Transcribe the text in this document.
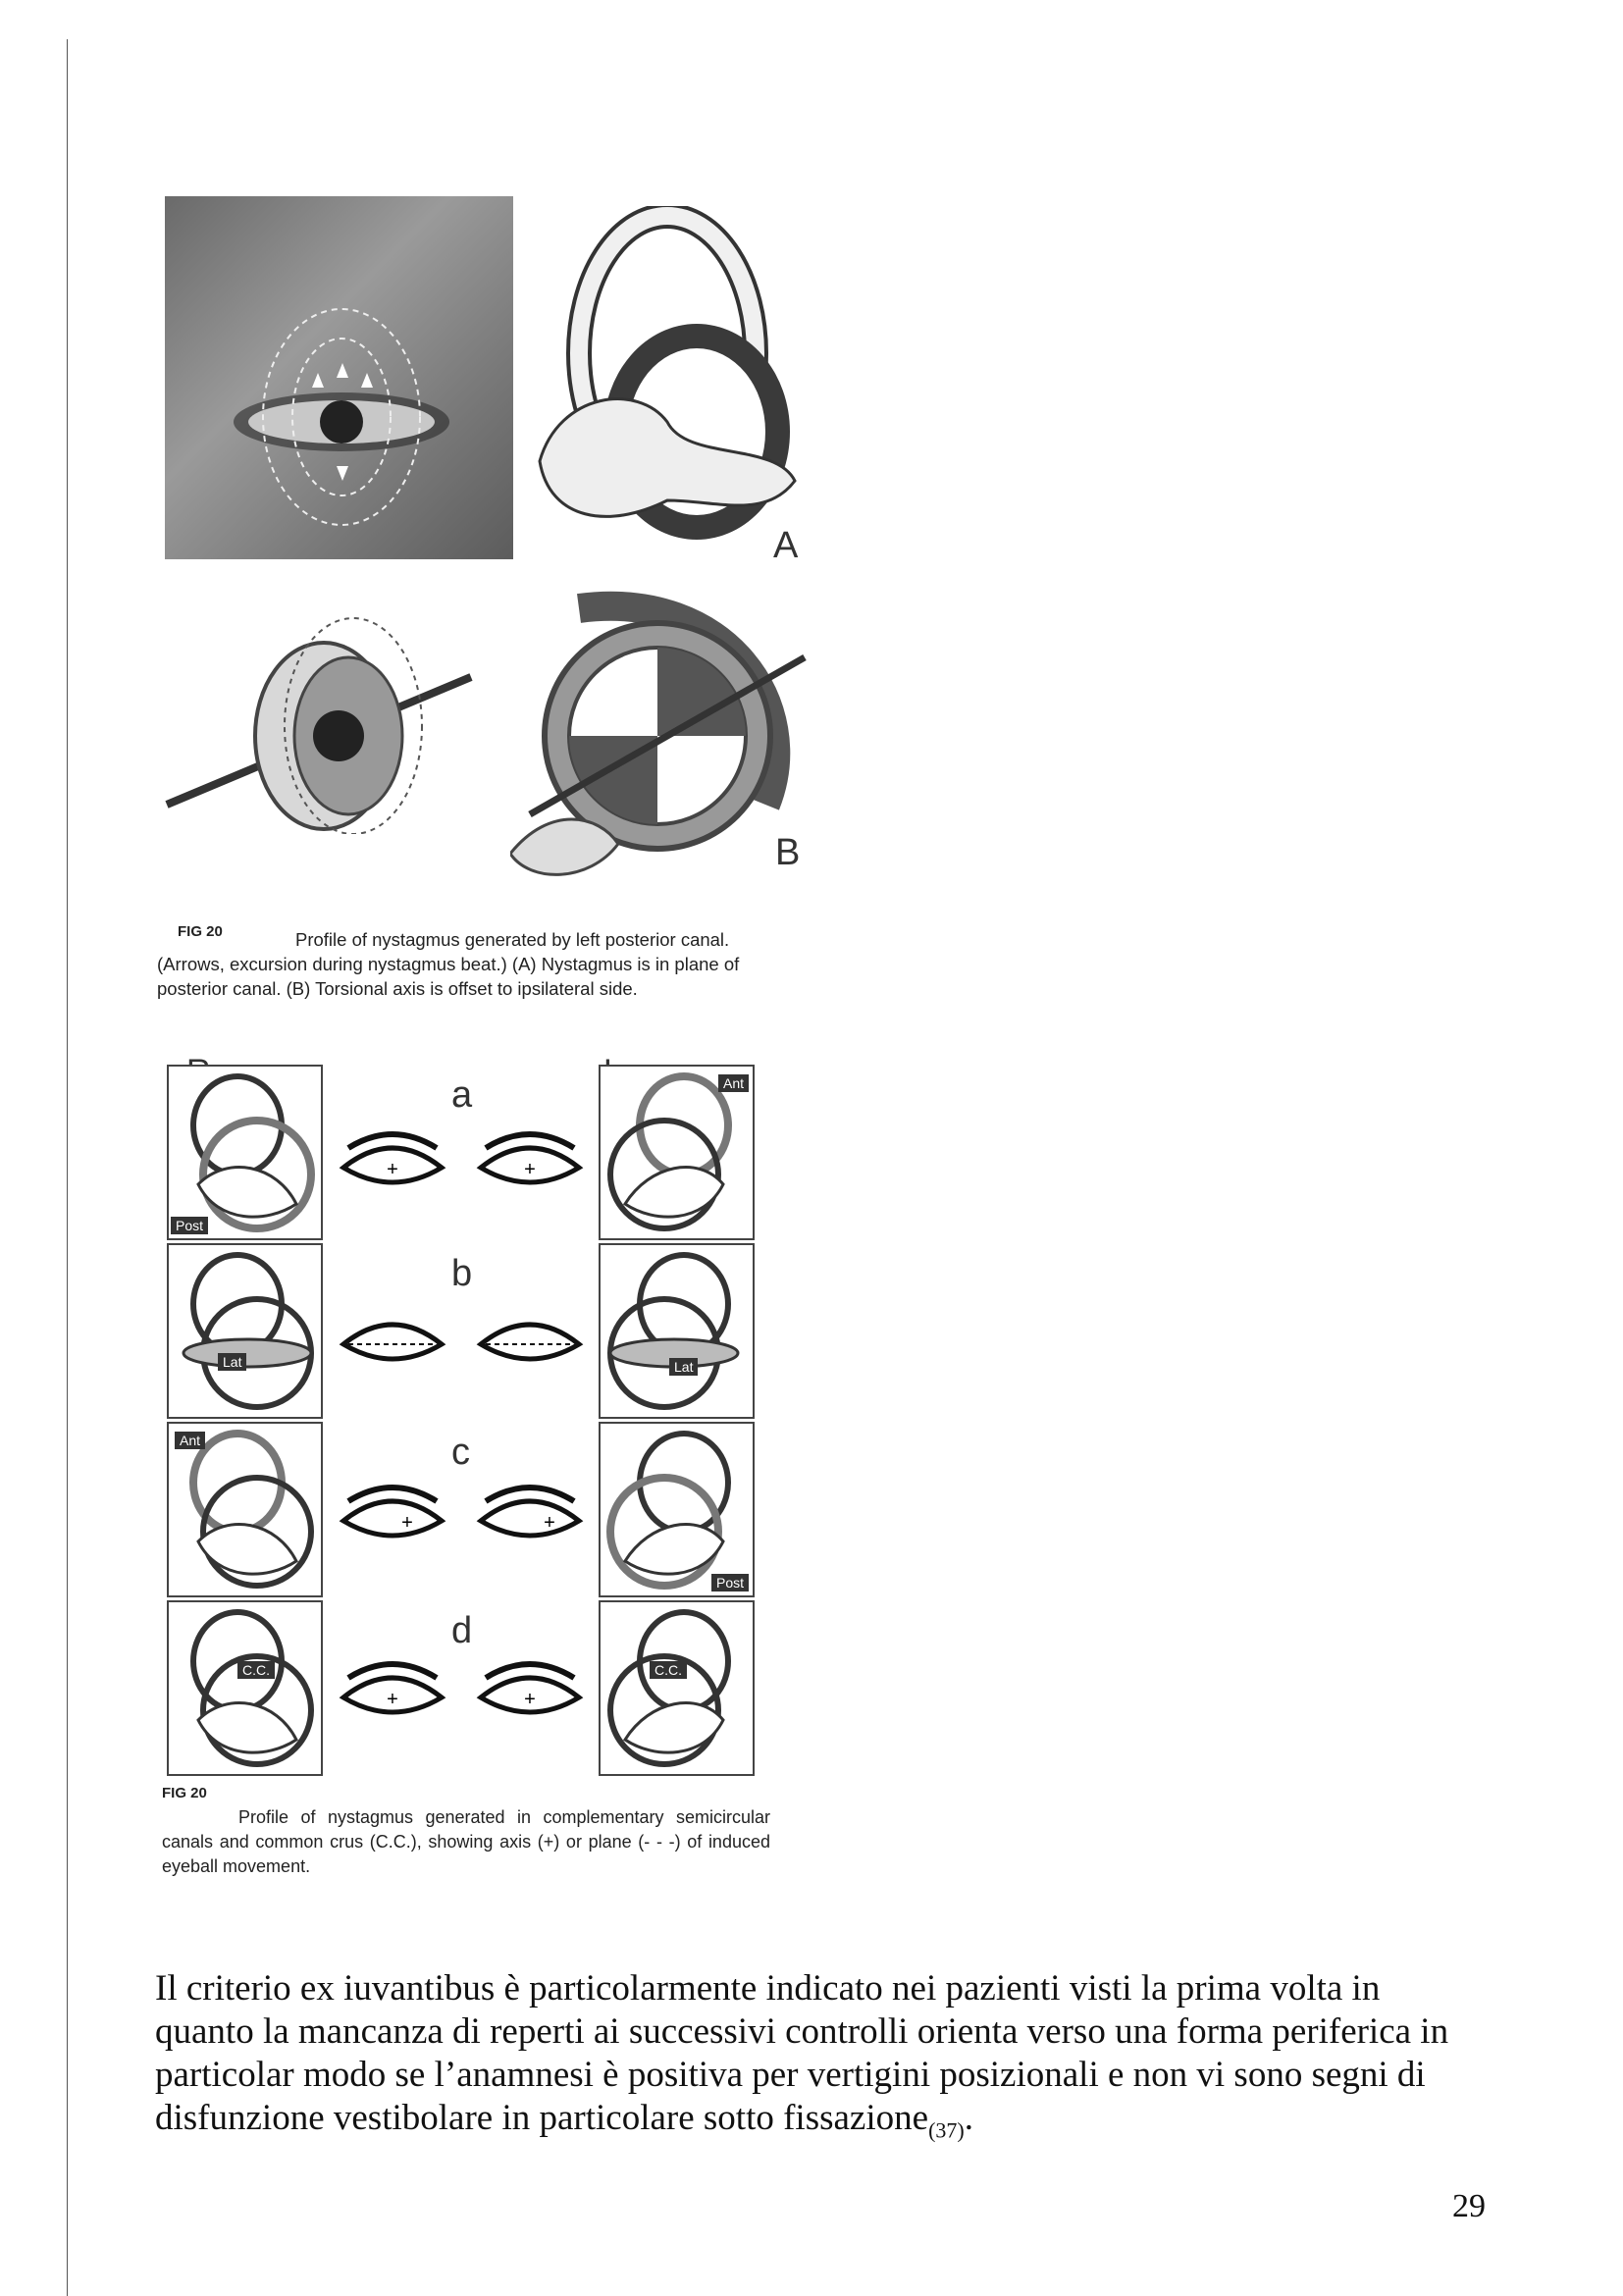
A
B
FIG 20	Profile of nystagmus generated by left posterior canal. (Arrows, excursion during nystagmus beat.) (A) Nystagmus is in plane of posterior canal. (B) Torsional axis is offset to ipsilateral side.
Post
a
+	+
Ant
Lat
b
Lat
Ant	c
+	+
Post
C.C.
d
+	+
C.C.
FIG 20
Profile of nystagmus generated in complementary semicircular canals and common crus (C.C.), showing axis (+) or plane (- - -) of induced eyeball movement.

Il criterio ex iuvantibus è particolarmente indicato nei pazienti visti la prima volta in quanto la mancanza di reperti ai successivi controlli orienta verso una forma periferica in particolar modo se l’anamnesi è positiva per vertigini posizionali e non vi sono segni di disfunzione vestibolare in particolare sotto fissazione$_{(37)}$.

29
